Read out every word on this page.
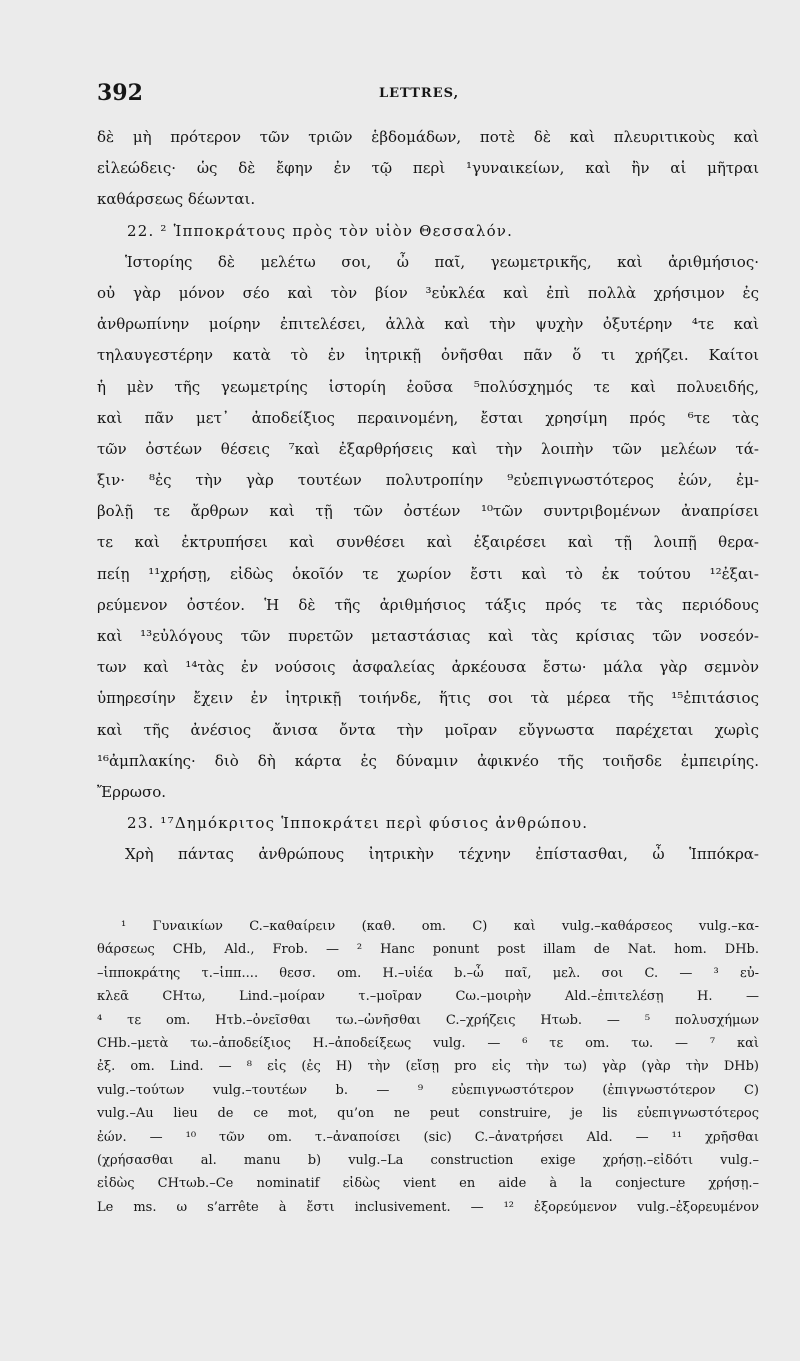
392	LETTRES,
δὲ μὴ πρότερον τῶν τριῶν ἑβδομάδων, ποτὲ δὲ καὶ πλευριτικοὺς καὶ
εἰλεώδεις· ὡς δὲ ἔφην ἐν τῷ περὶ ¹γυναικείων, καὶ ἢν αἱ μῆτραι
καθάρσεως δέωνται.
22. ² Ἱπποκράτους πρὸς τὸν υἱὸν Θεσσαλόν.
Ἱστορίης δὲ μελέτω σοι, ὦ παῖ, γεωμετρικῆς, καὶ ἀριθμήσιος·
οὐ γὰρ μόνον σέο καὶ τὸν βίον ³εὐκλέα καὶ ἐπὶ πολλὰ χρήσιμον ἐς
ἀνθρωπίνην μοίρην ἐπιτελέσει, ἀλλὰ καὶ τὴν ψυχὴν ὀξυτέρην ⁴τε καὶ
τηλαυγεστέρην κατὰ τὸ ἐν ἰητρικῇ ὀνῆσθαι πᾶν ὅ τι χρήζει. Καίτοι
ἡ μὲν τῆς γεωμετρίης ἱστορίη ἐοῦσα ⁵πολύσχημός τε καὶ πολυειδής,
καὶ πᾶν μετ᾽ ἀποδείξιος περαινομένη, ἔσται χρησίμη πρός ⁶τε τὰς
τῶν ὀστέων θέσεις ⁷καὶ ἐξαρθρήσεις καὶ τὴν λοιπὴν τῶν μελέων τά-
ξιν· ⁸ἐς τὴν γὰρ τουτέων πολυτροπίην ⁹εὐεπιγνωστότερος ἐών, ἐμ-
βολῇ τε ἄρθρων καὶ τῇ τῶν ὀστέων ¹⁰τῶν συντριβομένων ἀναπρίσει
τε καὶ ἐκτρυπήσει καὶ συνθέσει καὶ ἐξαιρέσει καὶ τῇ λοιπῇ θερα-
πείῃ ¹¹χρήσῃ, εἰδὼς ὁκοῖόν τε χωρίον ἔστι καὶ τὸ ἐκ τούτου ¹²ἐξαι-
ρεύμενον ὀστέον. Ἡ δὲ τῆς ἀριθμήσιος τάξις πρός τε τὰς περιόδους
καὶ ¹³εὐλόγους τῶν πυρετῶν μεταστάσιας καὶ τὰς κρίσιας τῶν νοσεόν-
των καὶ ¹⁴τὰς ἐν νούσοις ἀσφαλείας ἀρκέουσα ἔστω· μάλα γὰρ σεμνὸν
ὑπηρεσίην ἔχειν ἐν ἰητρικῇ τοιήνδε, ἥτις σοι τὰ μέρεα τῆς ¹⁵ἐπιτάσιος
καὶ τῆς ἀνέσιος ἄνισα ὄντα τὴν μοῖραν εὔγνωστα παρέχεται χωρὶς
¹⁶ἀμπλακίης· διὸ δὴ κάρτα ἐς δύναμιν ἀφικνέο τῆς τοιῆσδε ἐμπειρίης.
Ἔρρωσο.
23. ¹⁷Δημόκριτος Ἱπποκράτει περὶ φύσιος ἀνθρώπου.
Χρὴ πάντας ἀνθρώπους ἰητρικὴν τέχνην ἐπίστασθαι, ὦ Ἱππόκρα-
¹ Γυναικίων C.–καθαίρειν (καθ. om. C) καὶ vulg.–καθάρσεος vulg.–κα-
θάρσεως CHb, Ald., Frob. — ² Hanc ponunt post illam de Nat. hom. DHb.
–ἱπποκράτης τ.–ἱππ.... θεσσ. om. H.–υἱέα b.–ὦ παῖ, μελ. σοι C. — ³ εὐ-
κλεᾶ CHτω, Lind.–μοίραν τ.–μοῖραν Cω.–μοιρὴν Ald.–ἐπιτελέσῃ H. —
⁴ τε om. Hτb.–ὀνεῖσθαι τω.–ὠνῆσθαι C.–χρήζεις Hτωb. — ⁵ πολυσχήμων
CHb.–μετὰ τω.–ἀποδείξιος H.–ἀποδείξεως vulg. — ⁶ τε om. τω. — ⁷ καὶ
ἐξ. om. Lind. — ⁸ εἰς (ἐς H) τὴν (εἴσῃ pro εἰς τὴν τω) γὰρ (γὰρ τὴν DHb)
vulg.–τούτων vulg.–τουτέων b. — ⁹ εὐεπιγνωστότερον (ἐπιγνωστότερον C)
vulg.–Au lieu de ce mot, qu’on ne peut construire, je lis εὐεπιγνωστότερος
ἐών. — ¹⁰ τῶν om. τ.–ἀναποίσει (sic) C.–ἀνατρήσει Ald. — ¹¹ χρῆσθαι
(χρήσασθαι al. manu b) vulg.–La construction exige χρήσῃ.–εἰδότι vulg.–
εἰδὼς CHτωb.–Ce nominatif εἰδὼς vient en aide à la conjecture χρήσῃ.–
Le ms. ω s’arrête à ἔστι inclusivement. — ¹² ἐξορεύμενον vulg.–ἐξορευμένον
